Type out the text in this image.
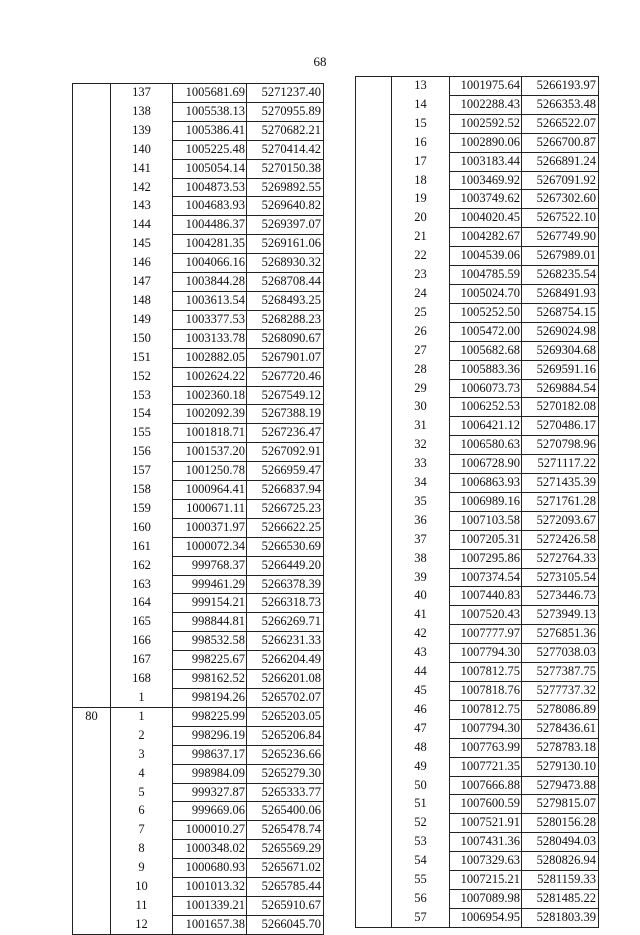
68
	137	1005681.69	5271237.40
	138	1005538.13	5270955.89
	139	1005386.41	5270682.21
	140	1005225.48	5270414.42
	141	1005054.14	5270150.38
	142	1004873.53	5269892.55
	143	1004683.93	5269640.82
	144	1004486.37	5269397.07
	145	1004281.35	5269161.06
	146	1004066.16	5268930.32
	147	1003844.28	5268708.44
	148	1003613.54	5268493.25
	149	1003377.53	5268288.23
	150	1003133.78	5268090.67
	151	1002882.05	5267901.07
	152	1002624.22	5267720.46
	153	1002360.18	5267549.12
	154	1002092.39	5267388.19
	155	1001818.71	5267236.47
	156	1001537.20	5267092.91
	157	1001250.78	5266959.47
	158	1000964.41	5266837.94
	159	1000671.11	5266725.23
	160	1000371.97	5266622.25
	161	1000072.34	5266530.69
	162	999768.37	5266449.20
	163	999461.29	5266378.39
	164	999154.21	5266318.73
	165	998844.81	5266269.71
	166	998532.58	5266231.33
	167	998225.67	5266204.49
	168	998162.52	5266201.08
	1	998194.26	5265702.07
80	1	998225.99	5265203.05
	2	998296.19	5265206.84
	3	998637.17	5265236.66
	4	998984.09	5265279.30
	5	999327.87	5265333.77
	6	999669.06	5265400.06
	7	1000010.27	5265478.74
	8	1000348.02	5265569.29
	9	1000680.93	5265671.02
	10	1001013.32	5265785.44
	11	1001339.21	5265910.67
	12	1001657.38	5266045.70
	13	1001975.64	5266193.97
	14	1002288.43	5266353.48
	15	1002592.52	5266522.07
	16	1002890.06	5266700.87
	17	1003183.44	5266891.24
	18	1003469.92	5267091.92
	19	1003749.62	5267302.60
	20	1004020.45	5267522.10
	21	1004282.67	5267749.90
	22	1004539.06	5267989.01
	23	1004785.59	5268235.54
	24	1005024.70	5268491.93
	25	1005252.50	5268754.15
	26	1005472.00	5269024.98
	27	1005682.68	5269304.68
	28	1005883.36	5269591.16
	29	1006073.73	5269884.54
	30	1006252.53	5270182.08
	31	1006421.12	5270486.17
	32	1006580.63	5270798.96
	33	1006728.90	5271117.22
	34	1006863.93	5271435.39
	35	1006989.16	5271761.28
	36	1007103.58	5272093.67
	37	1007205.31	5272426.58
	38	1007295.86	5272764.33
	39	1007374.54	5273105.54
	40	1007440.83	5273446.73
	41	1007520.43	5273949.13
	42	1007777.97	5276851.36
	43	1007794.30	5277038.03
	44	1007812.75	5277387.75
	45	1007818.76	5277737.32
	46	1007812.75	5278086.89
	47	1007794.30	5278436.61
	48	1007763.99	5278783.18
	49	1007721.35	5279130.10
	50	1007666.88	5279473.88
	51	1007600.59	5279815.07
	52	1007521.91	5280156.28
	53	1007431.36	5280494.03
	54	1007329.63	5280826.94
	55	1007215.21	5281159.33
	56	1007089.98	5281485.22
	57	1006954.95	5281803.39
